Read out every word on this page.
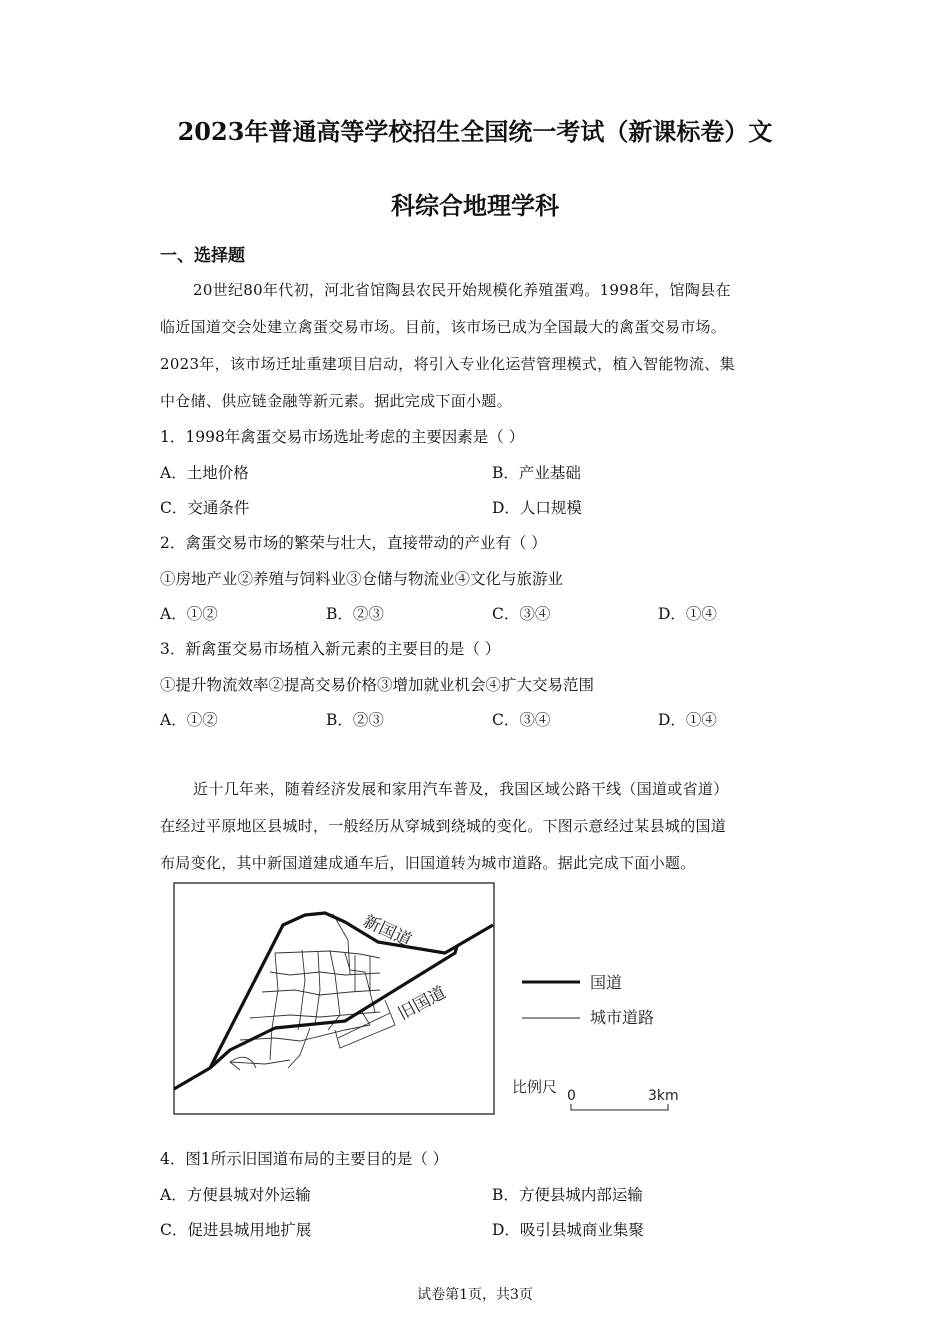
2023年普通高等学校招生全国统一考试（新课标卷）文
科综合地理学科
一、选择题
20世纪80年代初，河北省馆陶县农民开始规模化养殖蛋鸡。1998年，馆陶县在
临近国道交会处建立禽蛋交易市场。目前，该市场已成为全国最大的禽蛋交易市场。
2023年，该市场迁址重建项目启动，将引入专业化运营管理模式，植入智能物流、集
中仓储、供应链金融等新元素。据此完成下面小题。
1．1998年禽蛋交易市场选址考虑的主要因素是（ ）
A．土地价格	B．产业基础
C．交通条件	D．人口规模
2．禽蛋交易市场的繁荣与壮大，直接带动的产业有（ ）
①房地产业②养殖与饲料业③仓储与物流业④文化与旅游业
A．①②	B．②③	C．③④	D．①④
3．新禽蛋交易市场植入新元素的主要目的是（ ）
①提升物流效率②提高交易价格③增加就业机会④扩大交易范围
A．①②	B．②③	C．③④	D．①④
近十几年来，随着经济发展和家用汽车普及，我国区域公路干线（国道或省道）
在经过平原地区县城时，一般经历从穿城到绕城的变化。下图示意经过某县城的国道
布局变化，其中新国道建成通车后，旧国道转为城市道路。据此完成下面小题。
新国道
旧国道
国道
城市道路
比例尺 0	3km
4．图1所示旧国道布局的主要目的是（ ）
A．方便县城对外运输	B．方便县城内部运输
C．促进县城用地扩展	D．吸引县城商业集聚
试卷第1页，共3页
